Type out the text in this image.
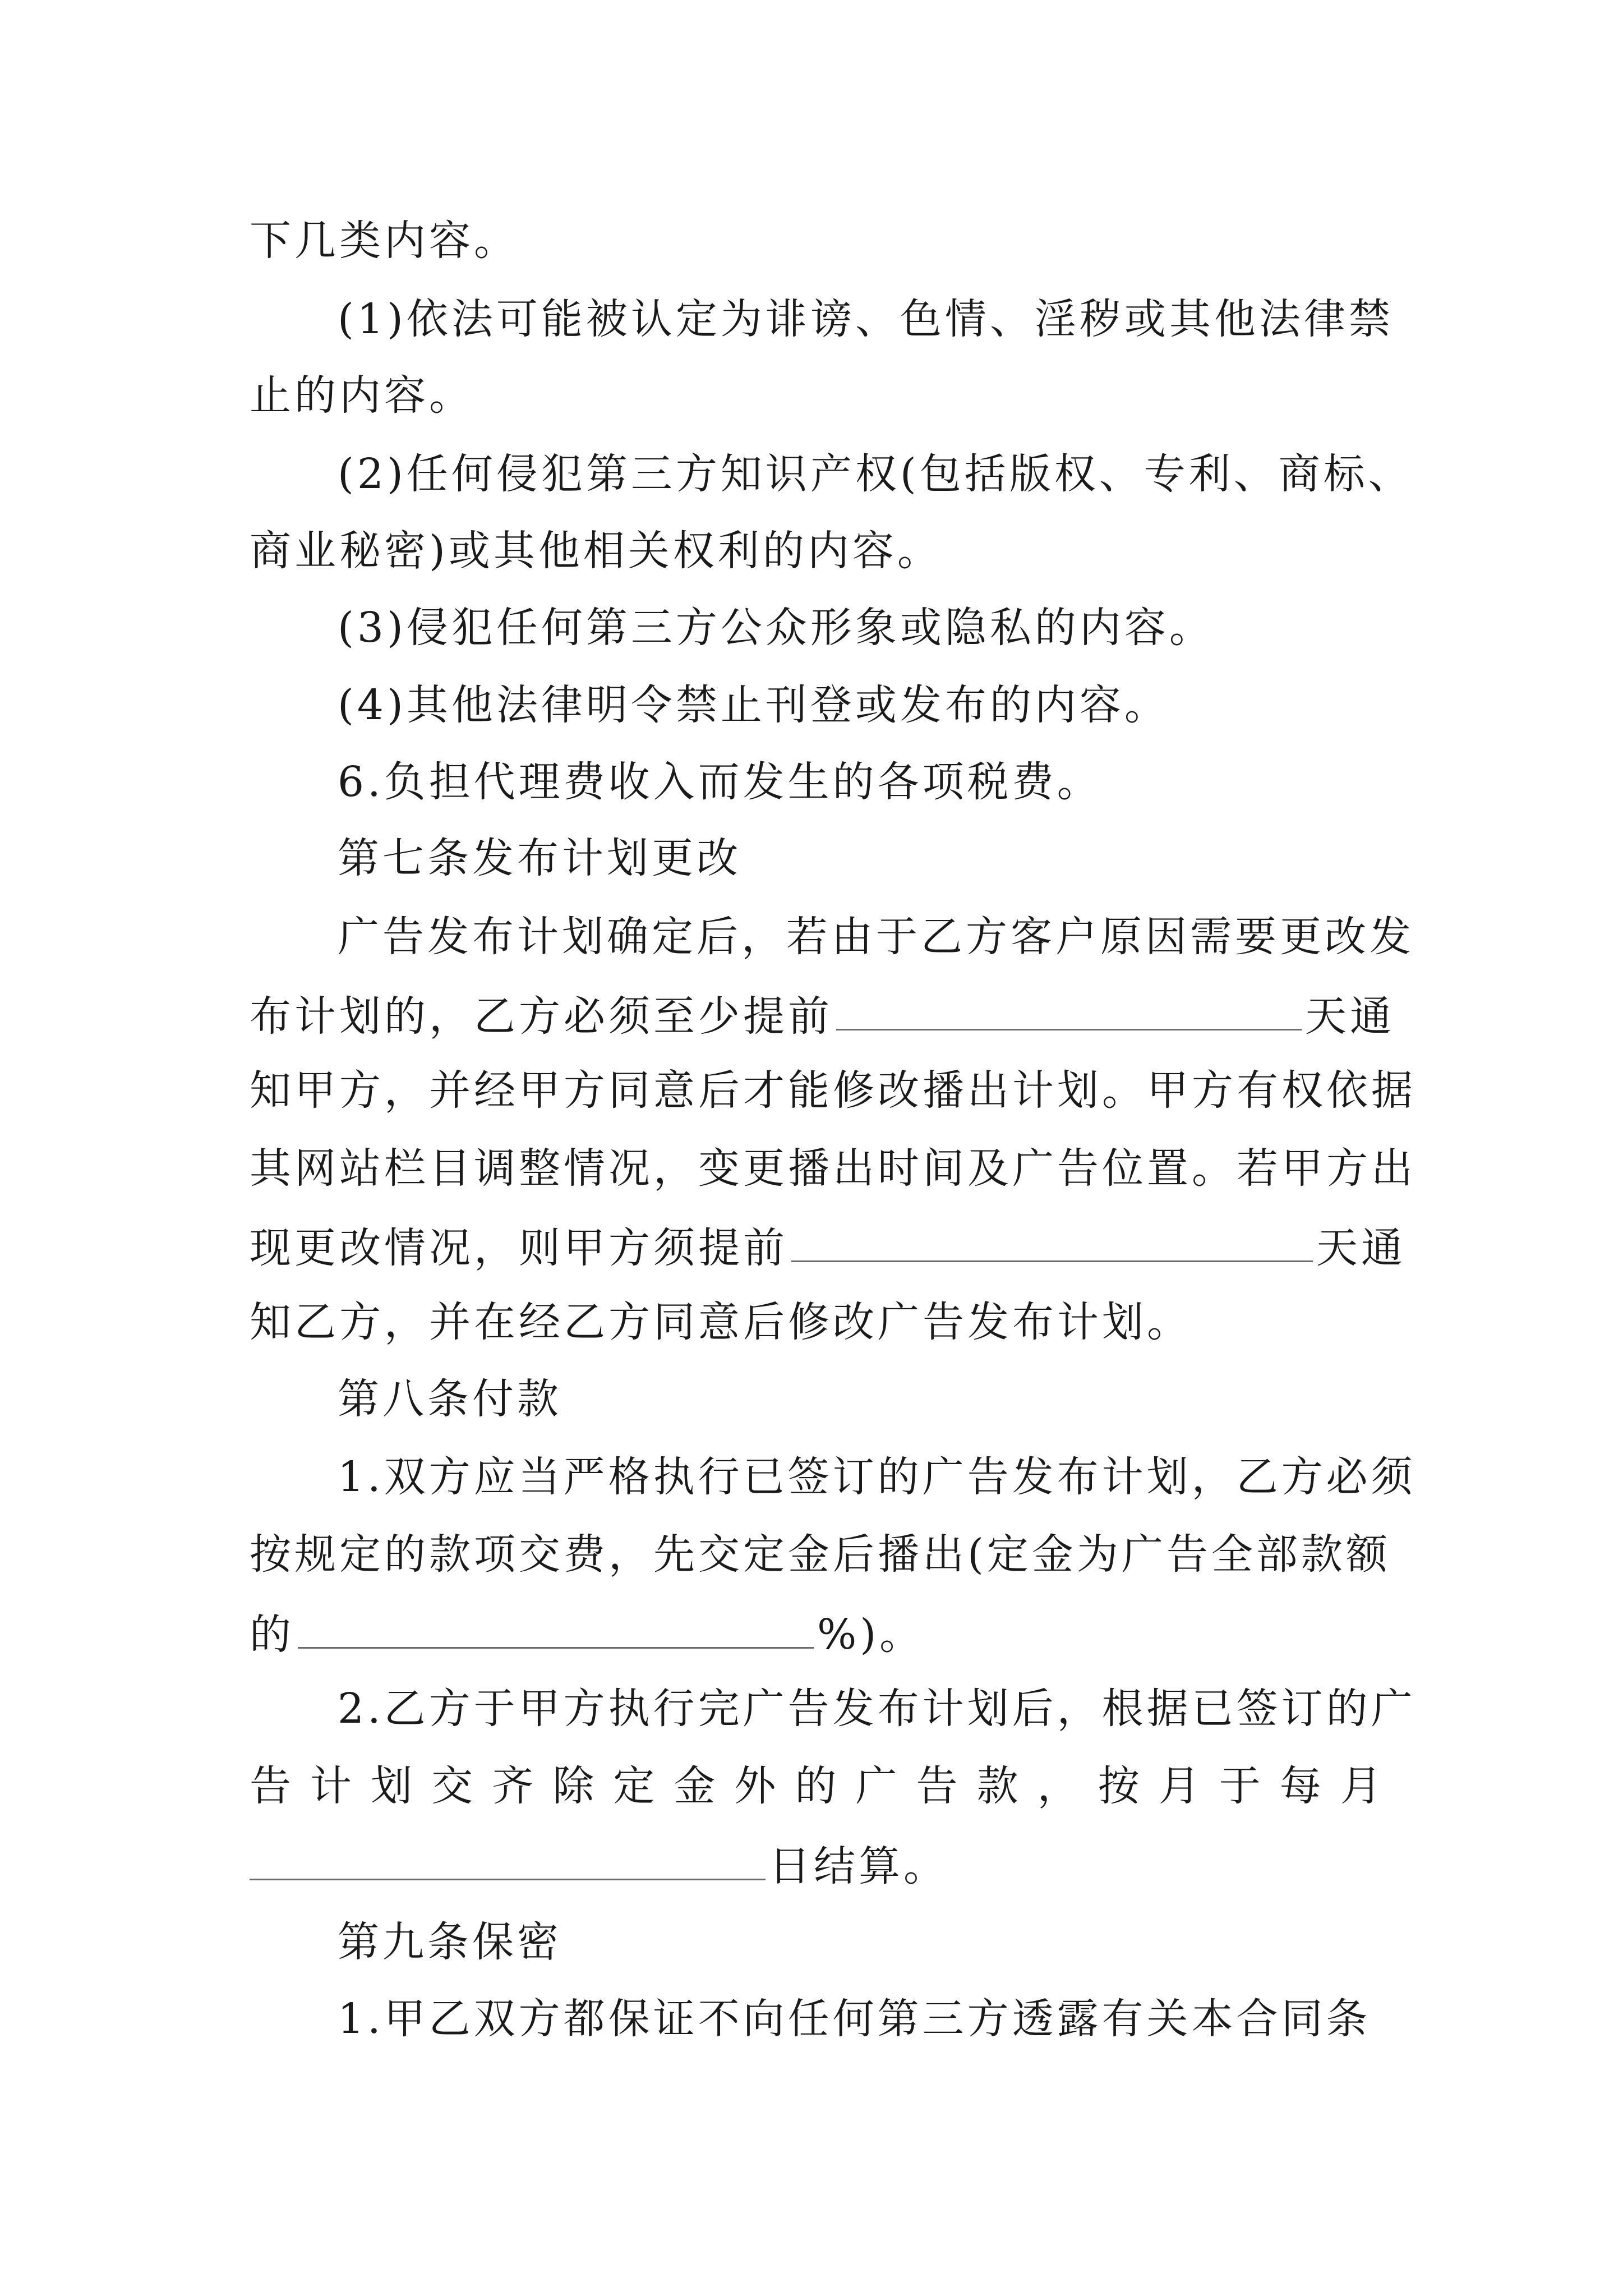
下几类内容。
(1)依法可能被认定为诽谤、色情、淫秽或其他法律禁
止的内容。
(2)任何侵犯第三方知识产权(包括版权、专利、商标、
商业秘密)或其他相关权利的内容。
(3)侵犯任何第三方公众形象或隐私的内容。
(4)其他法律明令禁止刊登或发布的内容。
6.负担代理费收入而发生的各项税费。
第七条发布计划更改
广告发布计划确定后，若由于乙方客户原因需要更改发
布计划的，乙方必须至少提前	天通
知甲方，并经甲方同意后才能修改播出计划。甲方有权依据
其网站栏目调整情况，变更播出时间及广告位置。若甲方出
现更改情况，则甲方须提前	天通
知乙方，并在经乙方同意后修改广告发布计划。
第八条付款
1.双方应当严格执行已签订的广告发布计划，乙方必须
按规定的款项交费，先交定金后播出(定金为广告全部款额
的	%)。
2.乙方于甲方执行完广告发布计划后，根据已签订的广
告 计 划 交 齐 除 定 金 外 的 广 告 款 ， 按 月 于 每 月
日结算。
第九条保密
1.甲乙双方都保证不向任何第三方透露有关本合同条
